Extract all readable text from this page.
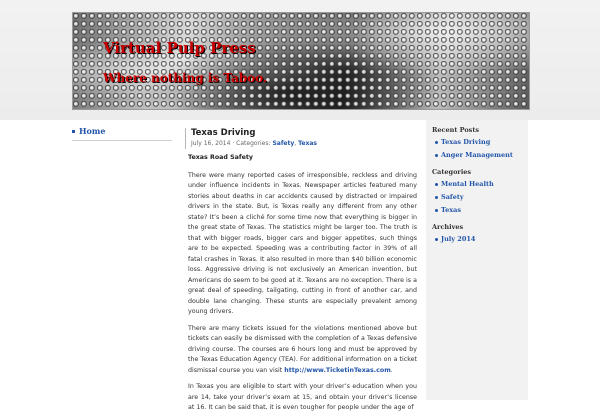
Virtual Pulp Press
Where nothing is Taboo.
Home	Texas Driving
July 16, 2014 · Categories: Safety, Texas
Texas Road Safety

There were many reported cases of irresponsible, reckless and driving under influence incidents in Texas. Newspaper articles featured many stories about deaths in car accidents caused by distracted or impaired drivers in the state. But, is Texas really any different from any other state? It’s been a cliché for some time now that everything is bigger in the great state of Texas. The statistics might be larger too. The truth is that with bigger roads, bigger cars and bigger appetites, such things are to be expected. Speeding was a contributing factor in 39% of all fatal crashes in Texas. It also resulted in more than $40 billion economic loss. Aggressive driving is not exclusively an American invention, but Americans do seem to be good at it. Texans are no exception. There is a great deal of speeding, tailgating, cutting in front of another car, and double lane changing. These stunts are especially prevalent among young drivers.

There are many tickets issued for the violations mentioned above but tickets can easily be dismissed with the completion of a Texas defensive driving course. The courses are 6 hours long and must be approved by the Texas Education Agency (TEA). For additional information on a ticket dismissal course you van visit http://www.TicketinTexas.com.

In Texas you are eligible to start with your driver’s education when you are 14, take your driver’s exam at 15, and obtain your driver’s license at 16. It can be said that, it is even tougher for people under the age of

Recent Posts
Texas Driving
Anger Management
Categories
Mental Health
Safety
Texas
Archives
July 2014
